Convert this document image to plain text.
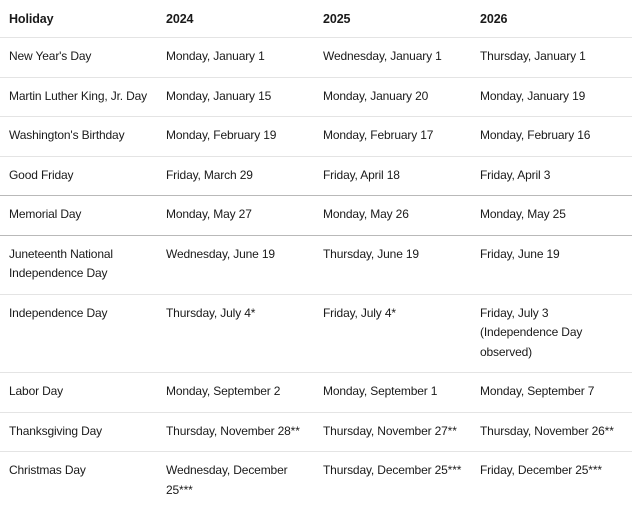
Holiday	2024	2025	2026
New Year's Day	Monday, January 1	Wednesday, January 1	Thursday, January 1
Martin Luther King, Jr. Day	Monday, January 15	Monday, January 20	Monday, January 19
Washington's Birthday	Monday, February 19	Monday, February 17	Monday, February 16
Good Friday	Friday, March 29	Friday, April 18	Friday, April 3
Memorial Day	Monday, May 27	Monday, May 26	Monday, May 25
Juneteenth National Independence Day	Wednesday, June 19	Thursday, June 19	Friday, June 19
Independence Day	Thursday, July 4*	Friday, July 4*	Friday, July 3 (Independence Day observed)
Labor Day	Monday, September 2	Monday, September 1	Monday, September 7
Thanksgiving Day	Thursday, November 28**	Thursday, November 27**	Thursday, November 26**
Christmas Day	Wednesday, December 25***	Thursday, December 25***	Friday, December 25***
